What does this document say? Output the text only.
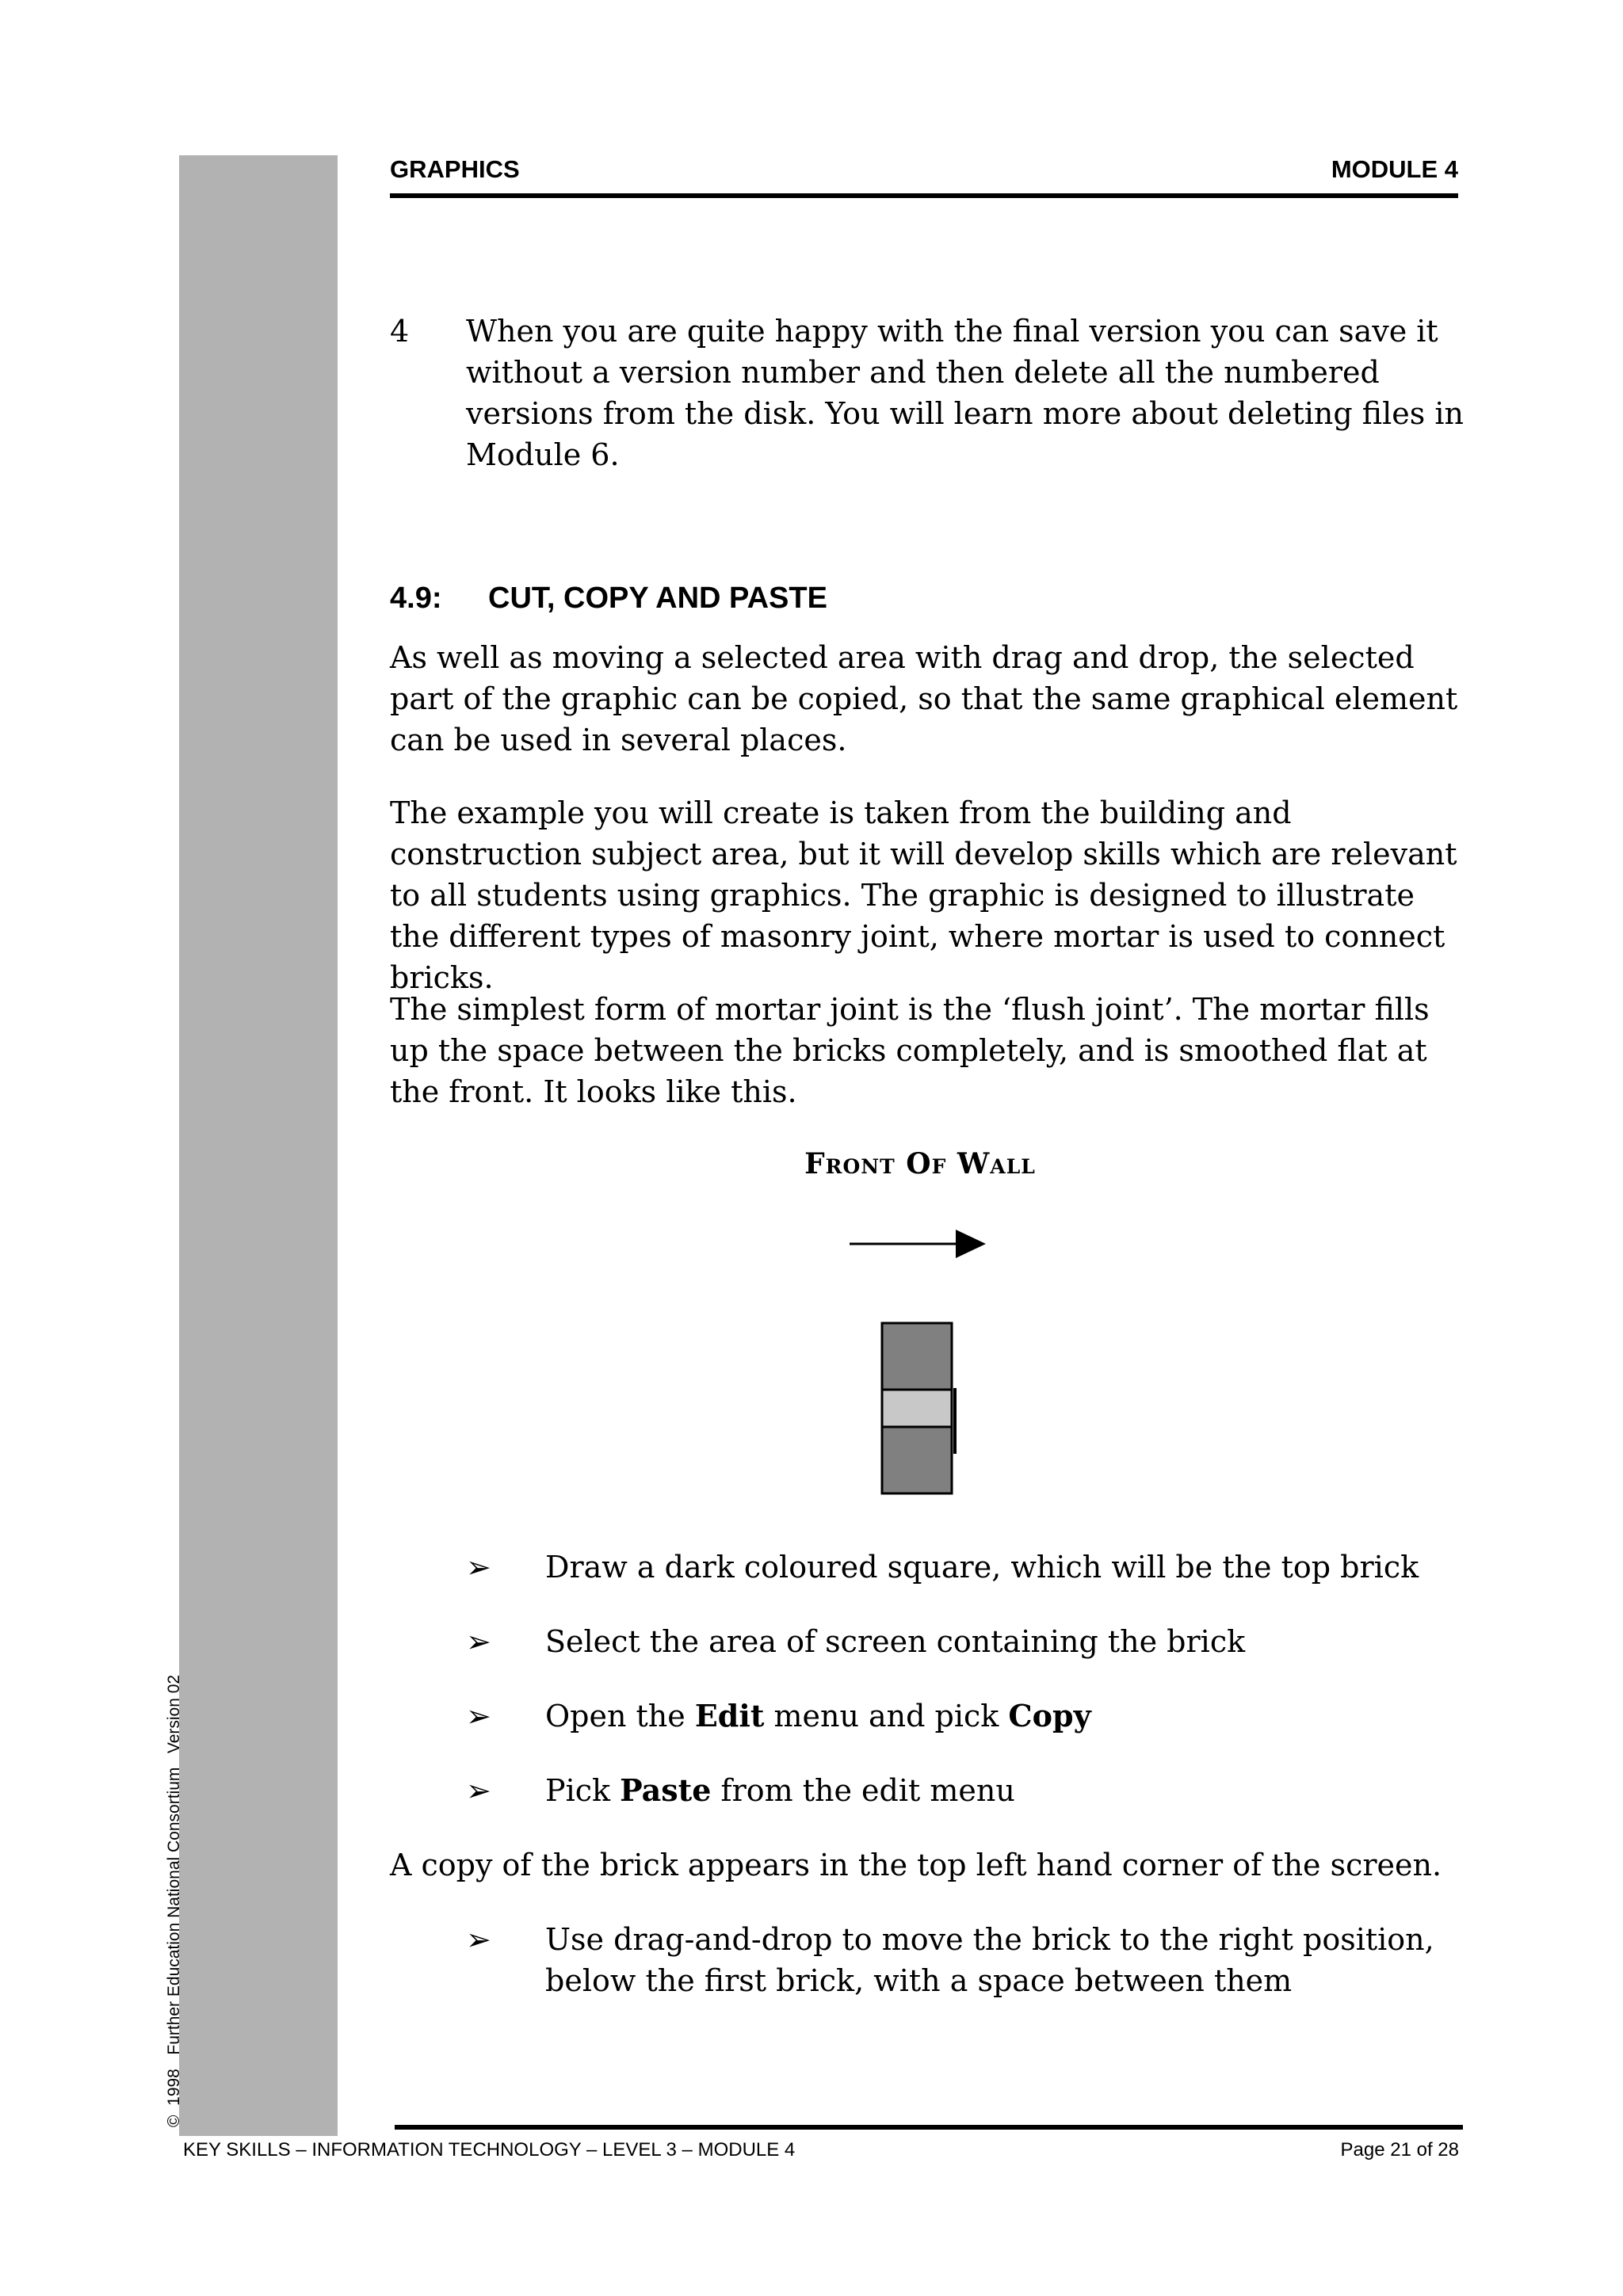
©  1998   Further Education National Consortium   Version 02
GRAPHICS	MODULE 4
4 When you are quite happy with the final version you can save it without a version number and then delete all the numbered versions from the disk. You will learn more about deleting files in Module 6.
4.9: CUT, COPY AND PASTE
As well as moving a selected area with drag and drop, the selected part of the graphic can be copied, so that the same graphical element can be used in several places.
The example you will create is taken from the building and construction subject area, but it will develop skills which are relevant to all students using graphics. The graphic is designed to illustrate the different types of masonry joint, where mortar is used to connect bricks.
The simplest form of mortar joint is the ‘flush joint’. The mortar fills up the space between the bricks completely, and is smoothed flat at the front. It looks like this.
Front Of Wall
➢ Draw a dark coloured square, which will be the top brick
➢ Select the area of screen containing the brick
➢ Open the Edit menu and pick Copy
➢ Pick Paste from the edit menu
A copy of the brick appears in the top left hand corner of the screen.
➢ Use drag-and-drop to move the brick to the right position, below the first brick, with a space between them
KEY SKILLS – INFORMATION TECHNOLOGY – LEVEL 3 – MODULE 4	Page 21 of 28
